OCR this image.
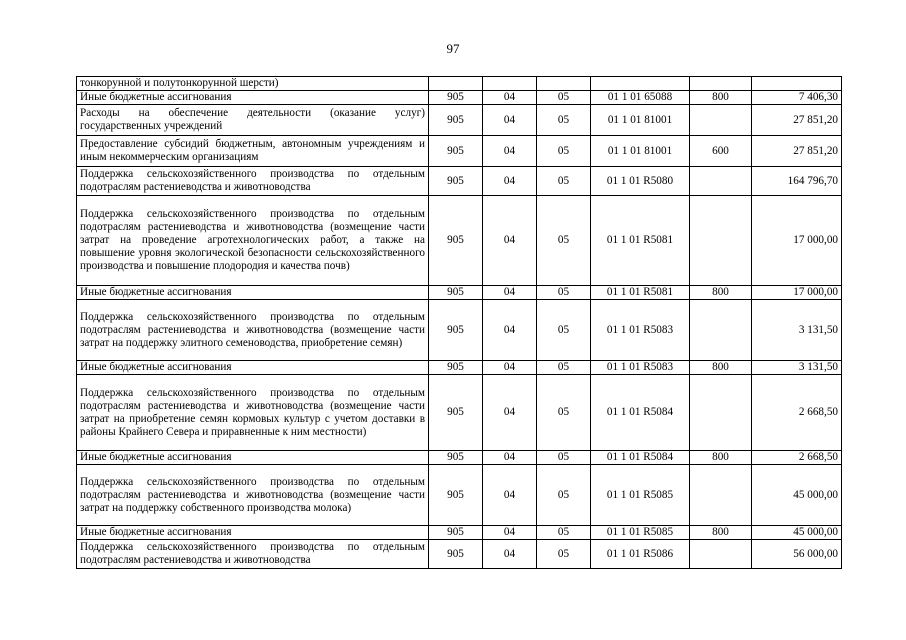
97
тонкорунной и полутонкорунной шерсти)						
Иные бюджетные ассигнования	905	04	05	01 1 01 65088	800	7 406,30
Расходы на обеспечение деятельности (оказание услуг) государственных учреждений	905	04	05	01 1 01 81001		27 851,20
Предоставление субсидий бюджетным, автономным учреждениям и иным некоммерческим организациям	905	04	05	01 1 01 81001	600	27 851,20
Поддержка сельскохозяйственного производства по отдельным подотраслям растениеводства и животноводства	905	04	05	01 1 01 R5080		164 796,70
Поддержка сельскохозяйственного производства по отдельным подотраслям растениеводства и животноводства (возмещение части затрат на проведение агротехнологических работ, а также на повышение уровня экологической безопасности сельскохозяйственного производства и повышение плодородия и качества почв)	905	04	05	01 1 01 R5081		17 000,00
Иные бюджетные ассигнования	905	04	05	01 1 01 R5081	800	17 000,00
Поддержка сельскохозяйственного производства по отдельным подотраслям растениеводства и животноводства (возмещение части затрат на поддержку элитного семеноводства, приобретение семян)	905	04	05	01 1 01 R5083		3 131,50
Иные бюджетные ассигнования	905	04	05	01 1 01 R5083	800	3 131,50
Поддержка сельскохозяйственного производства по отдельным подотраслям растениеводства и животноводства (возмещение части затрат на приобретение семян кормовых культур с учетом доставки в районы Крайнего Севера и приравненные к ним местности)	905	04	05	01 1 01 R5084		2 668,50
Иные бюджетные ассигнования	905	04	05	01 1 01 R5084	800	2 668,50
Поддержка сельскохозяйственного производства по отдельным подотраслям растениеводства и животноводства (возмещение части затрат на поддержку собственного производства молока)	905	04	05	01 1 01 R5085		45 000,00
Иные бюджетные ассигнования	905	04	05	01 1 01 R5085	800	45 000,00
Поддержка сельскохозяйственного производства по отдельным подотраслям растениеводства и животноводства	905	04	05	01 1 01 R5086		56 000,00
